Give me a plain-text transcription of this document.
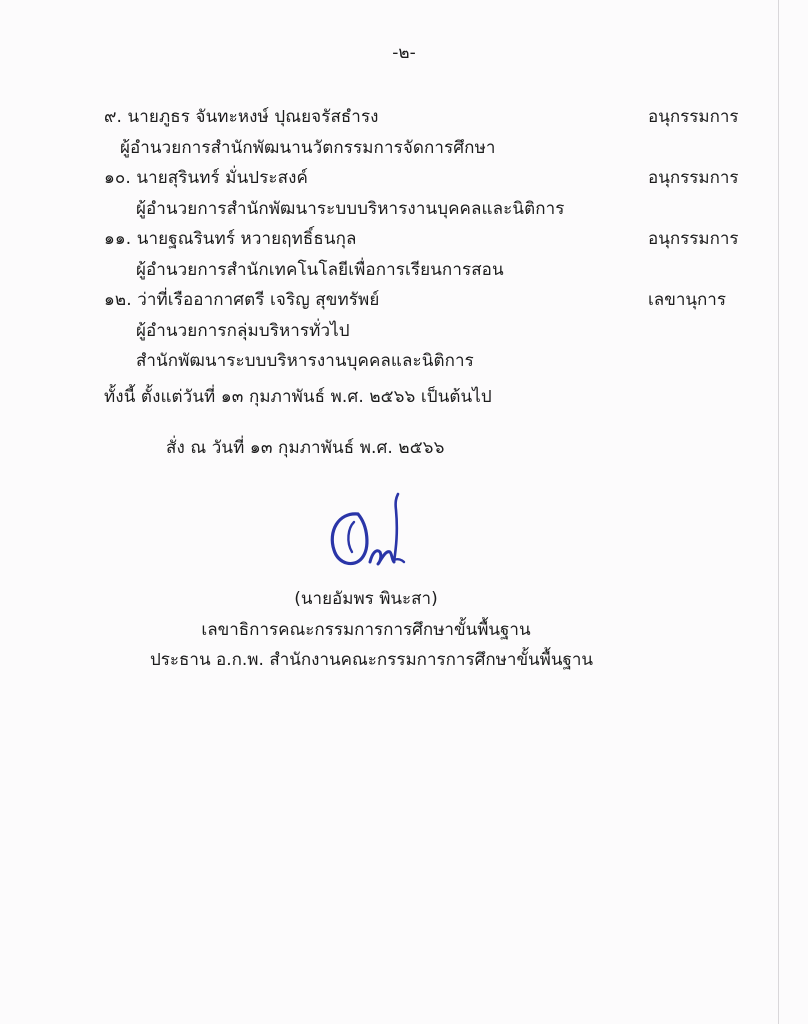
-๒-
๙. นายภูธร จันทะหงษ์ ปุณยจรัสธำรง	อนุกรรมการ
ผู้อำนวยการสำนักพัฒนานวัตกรรมการจัดการศึกษา
๑๐. นายสุรินทร์ มั่นประสงค์	อนุกรรมการ
ผู้อำนวยการสำนักพัฒนาระบบบริหารงานบุคคลและนิติการ
๑๑. นายฐณรินทร์ หวายฤทธิ์ธนกุล	อนุกรรมการ
ผู้อำนวยการสำนักเทคโนโลยีเพื่อการเรียนการสอน
๑๒. ว่าที่เรืออากาศตรี เจริญ สุขทรัพย์	เลขานุการ
ผู้อำนวยการกลุ่มบริหารทั่วไป
สำนักพัฒนาระบบบริหารงานบุคคลและนิติการ
ทั้งนี้ ตั้งแต่วันที่ ๑๓ กุมภาพันธ์ พ.ศ. ๒๕๖๖ เป็นต้นไป
สั่ง ณ วันที่ ๑๓ กุมภาพันธ์ พ.ศ. ๒๕๖๖
(นายอัมพร พินะสา)
เลขาธิการคณะกรรมการการศึกษาขั้นพื้นฐาน
ประธาน อ.ก.พ. สำนักงานคณะกรรมการการศึกษาขั้นพื้นฐาน
